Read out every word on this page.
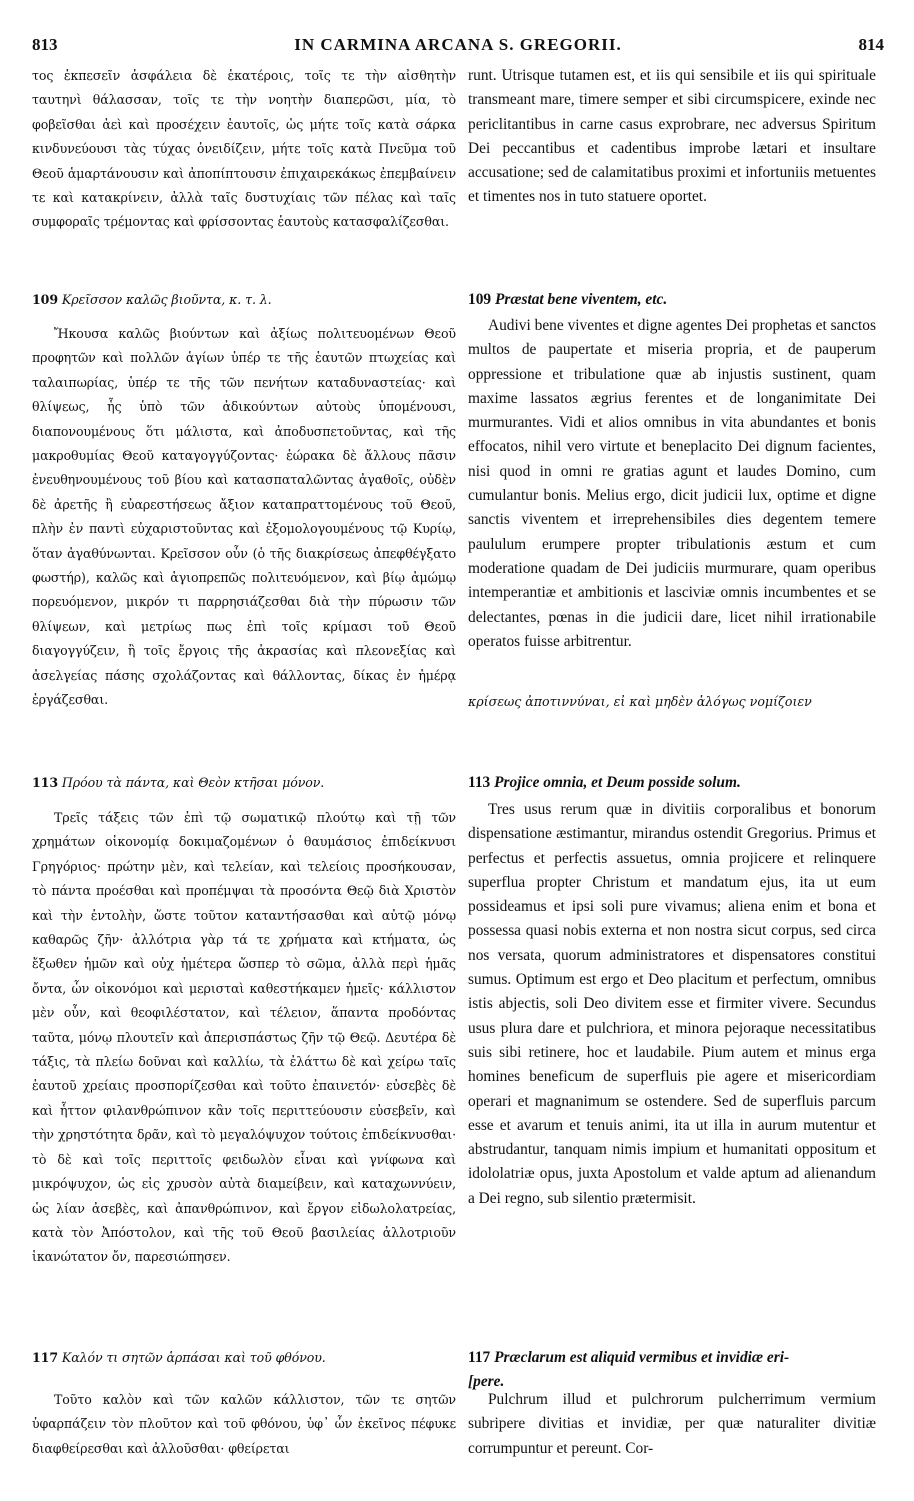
813	IN CARMINA ARCANA S. GREGORII.	814

τος ἐκπεσεῖν ἀσφάλεια δὲ ἑκατέροις, τοῖς τε τὴν αἰσθητὴν ταυτηνὶ θάλασσαν, τοῖς τε τὴν νοητὴν διαπερῶσι, μία, τὸ φοβεῖσθαι ἀεὶ καὶ προσέχειν ἑαυτοῖς, ὡς μήτε τοῖς κατὰ σάρκα κινδυνεύουσι τὰς τύχας ὀνειδίζειν, μήτε τοῖς κατὰ Πνεῦμα τοῦ Θεοῦ ἁμαρτάνουσιν καὶ ἀποπίπτουσιν ἐπιχαιρεκάκως ἐπεμβαίνειν τε καὶ κατακρίνειν, ἀλλὰ ταῖς δυστυχίαις τῶν πέλας καὶ ταῖς συμφοραῖς τρέμοντας καὶ φρίσσοντας ἑαυτοὺς κατασφαλίζεσθαι.

109 Κρεῖσσον καλῶς βιοῦντα, κ. τ. λ.

Ἤκουσα καλῶς βιούντων καὶ ἀξίως πολιτευομένων Θεοῦ προφητῶν καὶ πολλῶν ἁγίων ὑπέρ τε τῆς ἑαυτῶν πτωχείας καὶ ταλαιπωρίας, ὑπέρ τε τῆς τῶν πενήτων καταδυναστείας· καὶ θλίψεως, ἧς ὑπὸ τῶν ἀδικούντων αὐτοὺς ὑπομένουσι, διαπονουμένους ὅτι μάλιστα, καὶ ἀποδυσπετοῦντας, καὶ τῆς μακροθυμίας Θεοῦ καταγογγύζοντας· ἑώρακα δὲ ἄλλους πᾶσιν ἐνευθηνουμένους τοῦ βίου καὶ κατασπαταλῶντας ἀγαθοῖς, οὐδὲν δὲ ἀρετῆς ἢ εὐαρεστήσεως ἄξιον καταπραττομένους τοῦ Θεοῦ, πλὴν ἐν παντὶ εὐχαριστοῦντας καὶ ἐξομολογουμένους τῷ Κυρίῳ, ὅταν ἀγαθύνωνται. Κρεῖσσον οὖν (ὁ τῆς διακρίσεως ἀπεφθέγξατο φωστήρ), καλῶς καὶ ἁγιοπρεπῶς πολιτευόμενον, καὶ βίῳ ἀμώμῳ πορευόμενον, μικρόν τι παρρησιάζεσθαι διὰ τὴν πύρωσιν τῶν θλίψεων, καὶ μετρίως πως ἐπὶ τοῖς κρίμασι τοῦ Θεοῦ διαγογγύζειν, ἢ τοῖς ἔργοις τῆς ἀκρασίας καὶ πλεονεξίας καὶ ἀσελγείας πάσης σχολάζοντας καὶ θάλλοντας, δίκας ἐν ἡμέρᾳ ἐργάζεσθαι.

113 Πρόου τὰ πάντα, καὶ Θεὸν κτῆσαι μόνον.

Τρεῖς τάξεις τῶν ἐπὶ τῷ σωματικῷ πλούτῳ καὶ τῇ τῶν χρημάτων οἰκονομίᾳ δοκιμαζομένων ὁ θαυμάσιος ἐπιδείκνυσι Γρηγόριος· πρώτην μὲν, καὶ τελείαν, καὶ τελείοις προσήκουσαν, τὸ πάντα προέσθαι καὶ προπέμψαι τὰ προσόντα Θεῷ διὰ Χριστὸν καὶ τὴν ἐντολὴν, ὥστε τοῦτον καταντήσασθαι καὶ αὐτῷ μόνῳ καθαρῶς ζῆν· ἀλλότρια γὰρ τά τε χρήματα καὶ κτήματα, ὡς ἔξωθεν ἡμῶν καὶ οὐχ ἡμέτερα ὥσπερ τὸ σῶμα, ἀλλὰ περὶ ἡμᾶς ὄντα, ὧν οἰκονόμοι καὶ μερισταὶ καθεστήκαμεν ἡμεῖς· κάλλιστον μὲν οὖν, καὶ θεοφιλέστατον, καὶ τέλειον, ἅπαντα προδόντας ταῦτα, μόνῳ πλουτεῖν καὶ ἀπερισπάστως ζῆν τῷ Θεῷ. Δευτέρα δὲ τάξις, τὰ πλείω δοῦναι καὶ καλλίω, τὰ ἐλάττω δὲ καὶ χείρω ταῖς ἑαυτοῦ χρείαις προσπορίζεσθαι καὶ τοῦτο ἐπαινετόν· εὐσεβὲς δὲ καὶ ἧττον φιλανθρώπινον κἂν τοῖς περιττεύουσιν εὐσεβεῖν, καὶ τὴν χρηστότητα δρᾶν, καὶ τὸ μεγαλόψυχον τούτοις ἐπιδείκνυσθαι· τὸ δὲ καὶ τοῖς περιττοῖς φειδωλὸν εἶναι καὶ γνίφωνα καὶ μικρόψυχον, ὡς εἰς χρυσὸν αὐτὰ διαμείβειν, καὶ καταχωννύειν, ὡς λίαν ἀσεβὲς, καὶ ἀπανθρώπινον, καὶ ἔργον εἰδωλολατρείας, κατὰ τὸν Ἀπόστολον, καὶ τῆς τοῦ Θεοῦ βασιλείας ἀλλοτριοῦν ἱκανώτατον ὄν, παρεσιώπησεν.

117 Καλόν τι σητῶν ἁρπάσαι καὶ τοῦ φθόνου.

Τοῦτο καλὸν καὶ τῶν καλῶν κάλλιστον, τῶν τε σητῶν ὑφαρπάζειν τὸν πλοῦτον καὶ τοῦ φθόνου, ὑφ᾽ ὧν ἐκεῖνος πέφυκε διαφθείρεσθαι καὶ ἀλλοῦσθαι· φθείρεται

runt. Utrisque tutamen est, et iis qui sensibile et iis qui spirituale transmeant mare, timere semper et sibi circumspicere, exinde nec periclitantibus in carne casus exprobrare, nec adversus Spiritum Dei peccantibus et cadentibus improbe lætari et insultare accusatione; sed de calamitatibus proximi et infortuniis metuentes et timentes nos in tuto statuere oportet.

109 Præstat bene viventem, etc.

Audivi bene viventes et digne agentes Dei prophetas et sanctos multos de paupertate et miseria propria, et de pauperum oppressione et tribulatione quæ ab injustis sustinent, quam maxime lassatos ægrius ferentes et de longanimitate Dei murmurantes. Vidi et alios omnibus in vita abundantes et bonis effocatos, nihil vero virtute et beneplacito Dei dignum facientes, nisi quod in omni re gratias agunt et laudes Domino, cum cumulantur bonis. Melius ergo, dicit judicii lux, optime et digne sanctis viventem et irreprehensibiles dies degentem temere paululum erumpere propter tribulationis æstum et cum moderatione quadam de Dei judiciis murmurare, quam operibus intemperantiæ et ambitionis et lasciviæ omnis incumbentes et se delectantes, pœnas in die judicii dare, licet nihil irrationabile operatos fuisse arbitrentur.

113 Projice omnia, et Deum posside solum.

Tres usus rerum quæ in divitiis corporalibus et bonorum dispensatione æstimantur, mirandus ostendit Gregorius. Primus et perfectus et perfectis assuetus, omnia projicere et relinquere superflua propter Christum et mandatum ejus, ita ut eum possideamus et ipsi soli pure vivamus; aliena enim et bona et possessa quasi nobis externa et non nostra sicut corpus, sed circa nos versata, quorum administratores et dispensatores constitui sumus. Optimum est ergo et Deo placitum et perfectum, omnibus istis abjectis, soli Deo divitem esse et firmiter vivere. Secundus usus plura dare et pulchriora, et minora pejoraque necessitatibus suis sibi retinere, hoc et laudabile. Pium autem et minus erga homines beneficum de superfluis pie agere et misericordiam operari et magnanimum se ostendere. Sed de superfluis parcum esse et avarum et tenuis animi, ita ut illa in aurum mutentur et abstrudantur, tanquam nimis impium et humanitati oppositum et idololatriæ opus, juxta Apostolum et valde aptum ad alienandum a Dei regno, sub silentio prætermisit.

117 Præclarum est aliquid vermibus et invidiæ eri-
[pere.

Pulchrum illud et pulchrorum pulcherrimum vermium subripere divitias et invidiæ, per quæ naturaliter divitiæ corrumpuntur et pereunt. Cor-

κρίσεως ἀποτιννύναι, εἰ καὶ μηδὲν ἀλόγως νομίζοιεν
